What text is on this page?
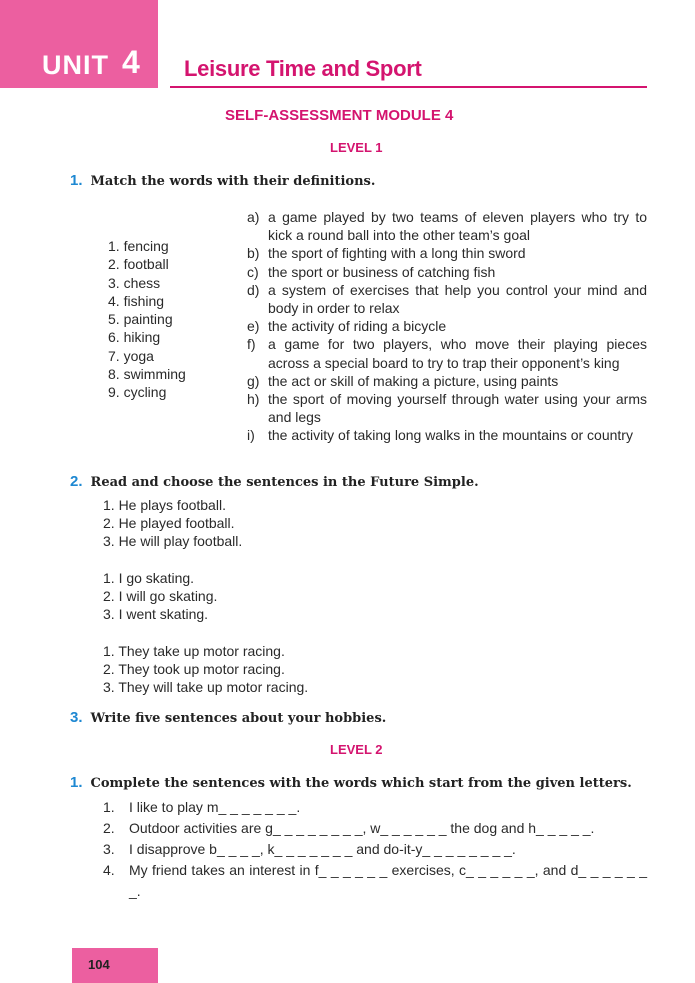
UNIT 4 Leisure Time and Sport
SELF-ASSESSMENT MODULE 4
LEVEL 1
1. Match the words with their definitions.
1. fencing
2. football
3. chess
4. fishing
5. painting
6. hiking
7. yoga
8. swimming
9. cycling
a) a game played by two teams of eleven players who try to kick a round ball into the other team’s goal
b) the sport of fighting with a long thin sword
c) the sport or business of catching fish
d) a system of exercises that help you control your mind and body in order to relax
e) the activity of riding a bicycle
f) a game for two players, who move their playing pieces across a special board to try to trap their opponent’s king
g) the act or skill of making a picture, using paints
h) the sport of moving yourself through water using your arms and legs
i) the activity of taking long walks in the mountains or country
2. Read and choose the sentences in the Future Simple.
1. He plays football.
2. He played football.
3. He will play football.
1. I go skating.
2. I will go skating.
3. I went skating.
1. They take up motor racing.
2. They took up motor racing.
3. They will take up motor racing.
3. Write five sentences about your hobbies.
LEVEL 2
1. Complete the sentences with the words which start from the given letters.
1.	I like to play m_ _ _ _ _ _ _.
2.	Outdoor activities are g_ _ _ _ _ _ _ _, w_ _ _ _ _ _ the dog and h_ _ _ _ _.
3.	I disapprove b_ _ _ _, k_ _ _ _ _ _ _ and do-it-y_ _ _ _ _ _ _ _.
4.	My friend takes an interest in f_ _ _ _ _ _ exercises, c_ _ _ _ _ _, and d_ _ _ _ _ _ _.
104
